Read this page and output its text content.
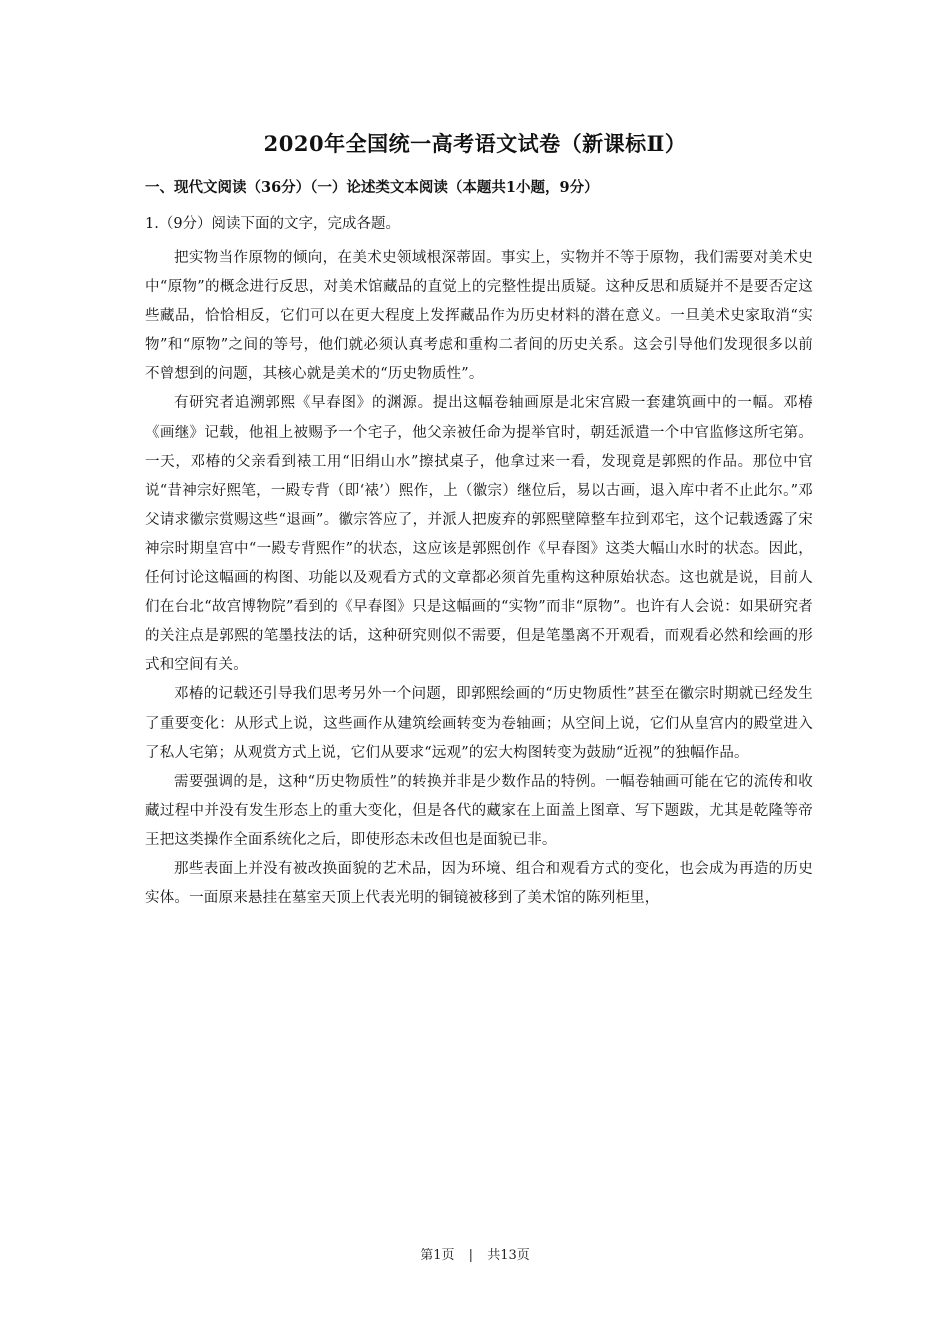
2020年全国统一高考语文试卷（新课标Ⅱ）
一、现代文阅读（36分）（一）论述类文本阅读（本题共1小题，9分）
1.（9分）阅读下面的文字，完成各题。

把实物当作原物的倾向，在美术史领域根深蒂固。事实上，实物并不等于原物，我们需要对美术史中“原物”的概念进行反思，对美术馆藏品的直觉上的完整性提出质疑。这种反思和质疑并不是要否定这些藏品，恰恰相反，它们可以在更大程度上发挥藏品作为历史材料的潜在意义。一旦美术史家取消“实物”和“原物”之间的等号，他们就必须认真考虑和重构二者间的历史关系。这会引导他们发现很多以前不曾想到的问题，其核心就是美术的“历史物质性”。

有研究者追溯郭熙《早春图》的渊源。提出这幅卷轴画原是北宋宫殿一套建筑画中的一幅。邓椿《画继》记载，他祖上被赐予一个宅子，他父亲被任命为提举官时，朝廷派遣一个中官监修这所宅第。一天，邓椿的父亲看到裱工用“旧绢山水”擦拭桌子，他拿过来一看，发现竟是郭熙的作品。那位中官说“昔神宗好熙笔，一殿专背（即‘裱’）熙作，上（徽宗）继位后，易以古画，退入库中者不止此尔。”邓父请求徽宗赏赐这些“退画”。徽宗答应了，并派人把废弃的郭熙壁障整车拉到邓宅，这个记载透露了宋神宗时期皇宫中“一殿专背熙作”的状态，这应该是郭熙创作《早春图》这类大幅山水时的状态。因此，任何讨论这幅画的构图、功能以及观看方式的文章都必须首先重构这种原始状态。这也就是说，目前人们在台北“故宫博物院”看到的《早春图》只是这幅画的“实物”而非“原物”。也许有人会说：如果研究者的关注点是郭熙的笔墨技法的话，这种研究则似不需要，但是笔墨离不开观看，而观看必然和绘画的形式和空间有关。

邓椿的记载还引导我们思考另外一个问题，即郭熙绘画的“历史物质性”甚至在徽宗时期就已经发生了重要变化：从形式上说，这些画作从建筑绘画转变为卷轴画；从空间上说，它们从皇宫内的殿堂进入了私人宅第；从观赏方式上说，它们从要求“远观”的宏大构图转变为鼓励“近视”的独幅作品。

需要强调的是，这种“历史物质性”的转换并非是少数作品的特例。一幅卷轴画可能在它的流传和收藏过程中并没有发生形态上的重大变化，但是各代的藏家在上面盖上图章、写下题跋，尤其是乾隆等帝王把这类操作全面系统化之后，即使形态未改但也是面貌已非。

那些表面上并没有被改换面貌的艺术品，因为环境、组合和观看方式的变化，也会成为再造的历史实体。一面原来悬挂在墓室天顶上代表光明的铜镜被移到了美术馆的陈列柜里，

第1页 | 共13页
